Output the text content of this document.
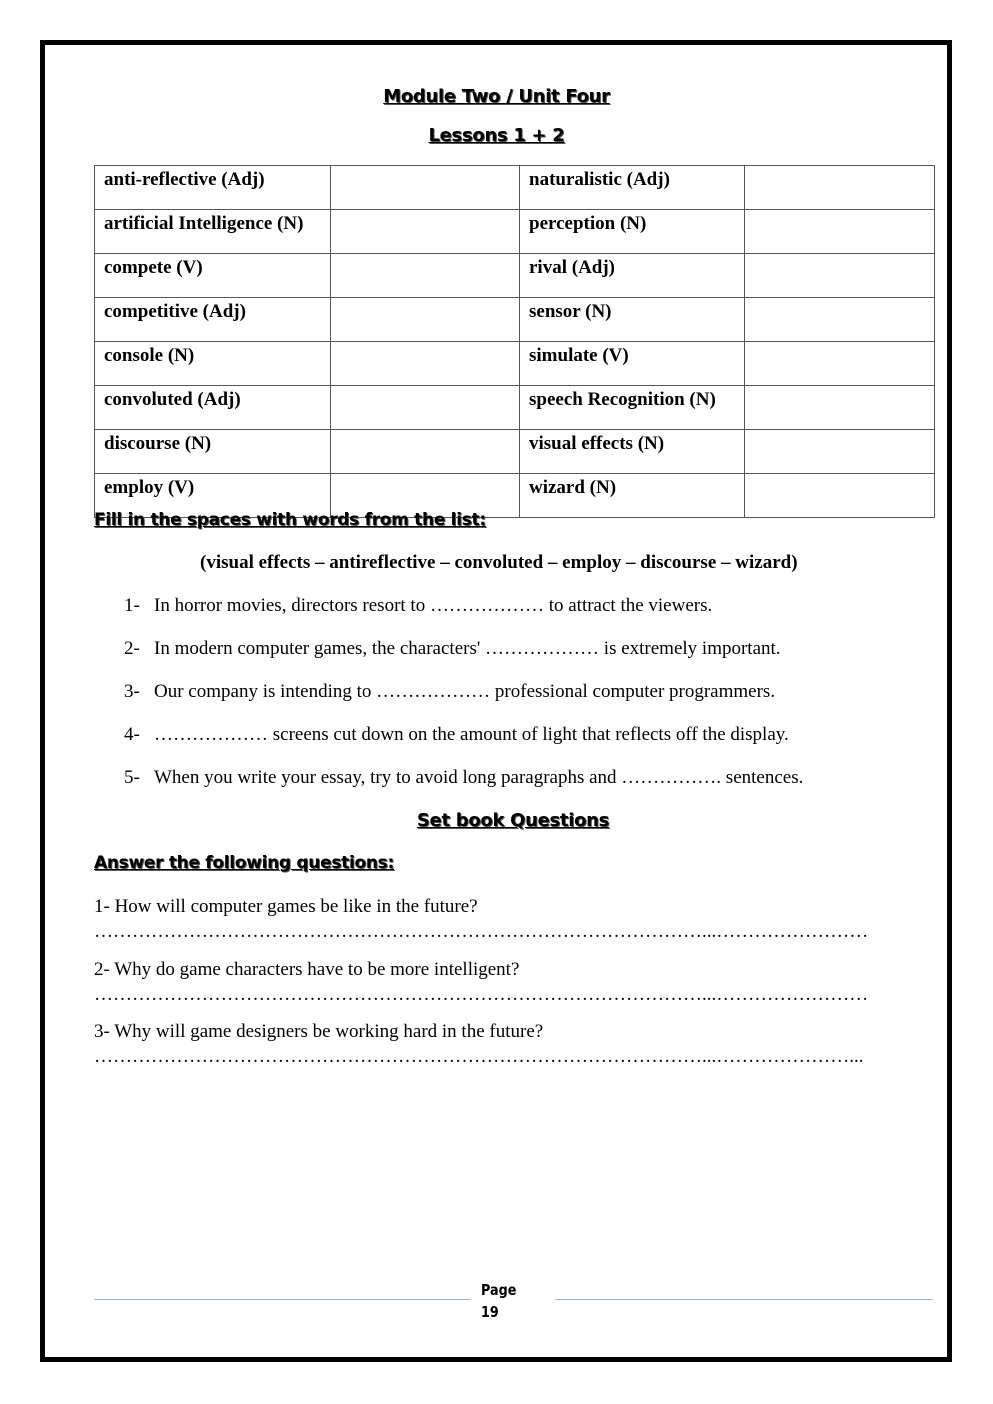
Module Two / Unit Four
Lessons 1 + 2
anti-reflective (Adj)		naturalistic (Adj)	
artificial Intelligence (N)		perception (N)	
compete (V)		rival (Adj)	
competitive (Adj)		sensor (N)	
console (N)		simulate (V)	
convoluted (Adj)		speech Recognition (N)	
discourse (N)		visual effects (N)	
employ (V)		wizard (N)	
Fill in the spaces with words from the list:
(visual effects – antireflective – convoluted – employ – discourse – wizard)
1- In horror movies, directors resort to ……………… to attract the viewers.
2- In modern computer games, the characters' ……………… is extremely important.
3- Our company is intending to ……………… professional computer programmers.
4- ……………… screens cut down on the amount of light that reflects off the display.
5- When you write your essay, try to avoid long paragraphs and ……………. sentences.
Set book Questions
Answer the following questions:
1- How will computer games be like in the future?
……………………………………………………………………………………...……………………
2- Why do game characters have to be more intelligent?
……………………………………………………………………………………...……………………
3- Why will game designers be working hard in the future?
……………………………………………………………………………………...…………………...
Page
19
